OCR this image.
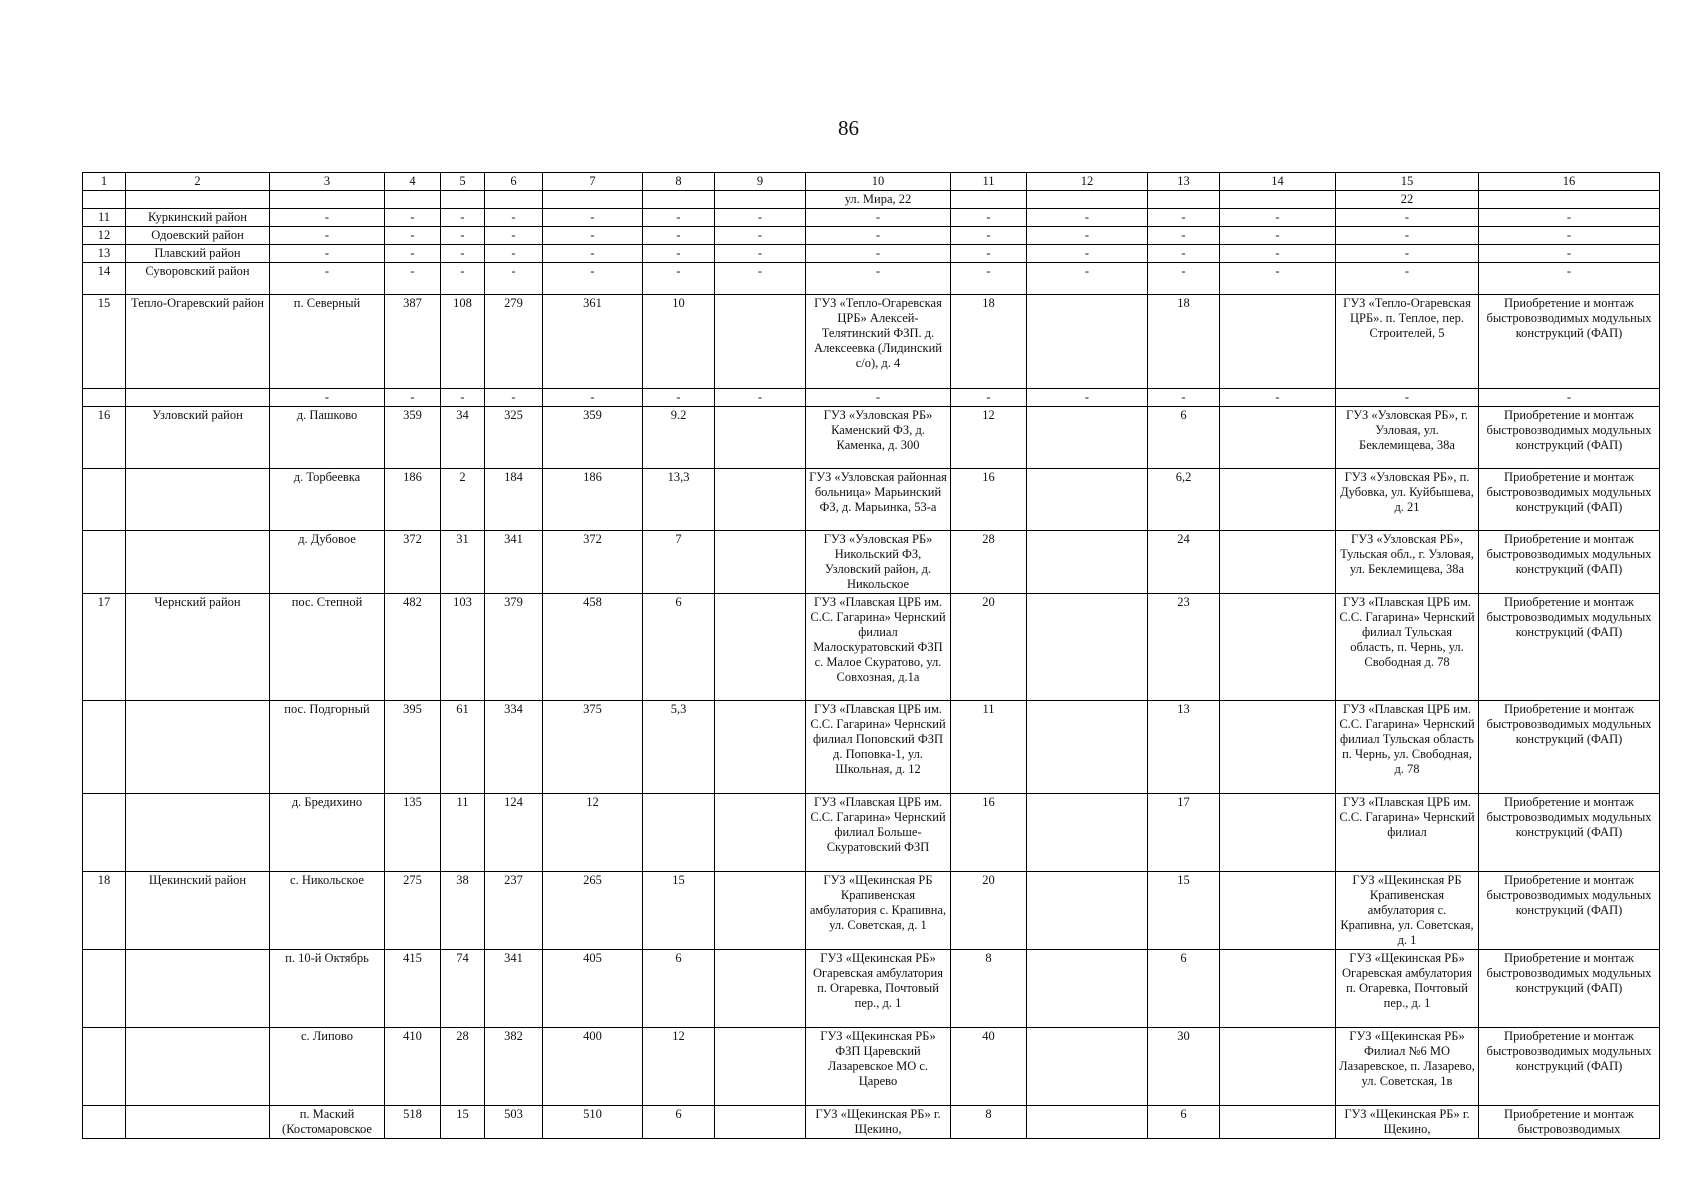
86
1	2	3	4	5	6	7	8	9	10	11	12	13	14	15	16
									ул. Мира, 22					22	
11	Куркинский район	-	-	-	-	-	-	-	-	-	-	-	-	-	-
12	Одоевский район	-	-	-	-	-	-	-	-	-	-	-	-	-	-
13	Плавский район	-	-	-	-	-	-	-	-	-	-	-	-	-	-
14	Суворовский район	-	-	-	-	-	-	-	-	-	-	-	-	-	-
15	Тепло-Огаревский район	п. Северный	387	108	279	361	10		ГУЗ «Тепло-Огаревская ЦРБ» Алексей-Телятинский ФЗП. д. Алексеевка (Лидинский с/о), д. 4	18		18		ГУЗ «Тепло-Огаревская ЦРБ». п. Теплое, пер. Строителей, 5	Приобретение и монтаж быстровозводимых модульных конструкций (ФАП)
		-	-	-	-	-	-	-	-	-	-	-	-	-	-
16	Узловский район	д. Пашково	359	34	325	359	9.2		ГУЗ «Узловская РБ» Каменский ФЗ, д. Каменка, д. 300	12		6		ГУЗ «Узловская РБ», г. Узловая, ул. Беклемищева, 38а	Приобретение и монтаж быстровозводимых модульных конструкций (ФАП)
		д. Торбеевка	186	2	184	186	13,3		ГУЗ «Узловская районная больница» Марьинский ФЗ, д. Марьинка, 53-а	16		6,2		ГУЗ «Узловская РБ», п. Дубовка, ул. Куйбышева, д. 21	Приобретение и монтаж быстровозводимых модульных конструкций (ФАП)
		д. Дубовое	372	31	341	372	7		ГУЗ «Узловская РБ» Никольский ФЗ, Узловский район, д. Никольское	28		24		ГУЗ «Узловская РБ», Тульская обл., г. Узловая, ул. Беклемищева, 38а	Приобретение и монтаж быстровозводимых модульных конструкций (ФАП)
17	Чернский район	пос. Степной	482	103	379	458	6		ГУЗ «Плавская ЦРБ им. С.С. Гагарина» Чернский филиал Малоскуратовский ФЗП с. Малое Скуратово, ул. Совхозная, д.1а	20		23		ГУЗ «Плавская ЦРБ им. С.С. Гагарина» Чернский филиал Тульская область, п. Чернь, ул. Свободная д. 78	Приобретение и монтаж быстровозводимых модульных конструкций (ФАП)
		пос. Подгорный	395	61	334	375	5,3		ГУЗ «Плавская ЦРБ им. С.С. Гагарина» Чернский филиал Поповский ФЗП д. Поповка-1, ул. Школьная, д. 12	11		13		ГУЗ «Плавская ЦРБ им. С.С. Гагарина» Чернский филиал Тульская область п. Чернь, ул. Свободная, д. 78	Приобретение и монтаж быстровозводимых модульных конструкций (ФАП)
		д. Бредихино	135	11	124	12			ГУЗ «Плавская ЦРБ им. С.С. Гагарина» Чернский филиал Больше-Скуратовский ФЗП	16		17		ГУЗ «Плавская ЦРБ им. С.С. Гагарина» Чернский филиал	Приобретение и монтаж быстровозводимых модульных конструкций (ФАП)
18	Щекинский район	с. Никольское	275	38	237	265	15		ГУЗ «Щекинская РБ Крапивенская амбулатория с. Крапивна, ул. Советская, д. 1	20		15		ГУЗ «Щекинская РБ Крапивенская амбулатория с. Крапивна, ул. Советская, д. 1	Приобретение и монтаж быстровозводимых модульных конструкций (ФАП)
		п. 10-й Октябрь	415	74	341	405	6		ГУЗ «Щекинская РБ» Огаревская амбулатория п. Огаревка, Почтовый пер., д. 1	8		6		ГУЗ «Щекинская РБ» Огаревская амбулатория п. Огаревка, Почтовый пер., д. 1	Приобретение и монтаж быстровозводимых модульных конструкций (ФАП)
		с. Липово	410	28	382	400	12		ГУЗ «Щекинская РБ» ФЗП Царевский Лазаревское МО с. Царево	40		30		ГУЗ «Щекинская РБ» Филиал №6 МО Лазаревское, п. Лазарево, ул. Советская, 1в	Приобретение и монтаж быстровозводимых модульных конструкций (ФАП)
		п. Маский (Костомаровское	518	15	503	510	6		ГУЗ «Щекинская РБ» г. Щекино,	8		6		ГУЗ «Щекинская РБ» г. Щекино,	Приобретение и монтаж быстровозводимых
